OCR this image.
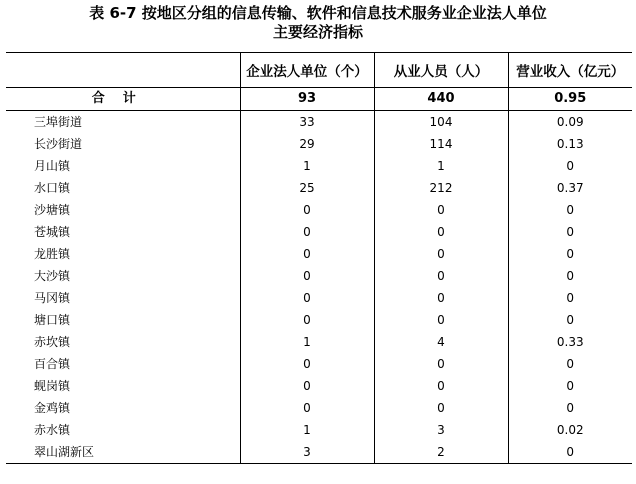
表 6-7 按地区分组的信息传输、软件和信息技术服务业企业法人单位
主要经济指标
	企业法人单位（个）	从业人员（人）	营业收入（亿元）
合计	93	440	0.95
三埠街道	33	104	0.09
长沙街道	29	114	0.13
月山镇	1	1	0
水口镇	25	212	0.37
沙塘镇	0	0	0
苍城镇	0	0	0
龙胜镇	0	0	0
大沙镇	0	0	0
马冈镇	0	0	0
塘口镇	0	0	0
赤坎镇	1	4	0.33
百合镇	0	0	0
蚬岗镇	0	0	0
金鸡镇	0	0	0
赤水镇	1	3	0.02
翠山湖新区	3	2	0
